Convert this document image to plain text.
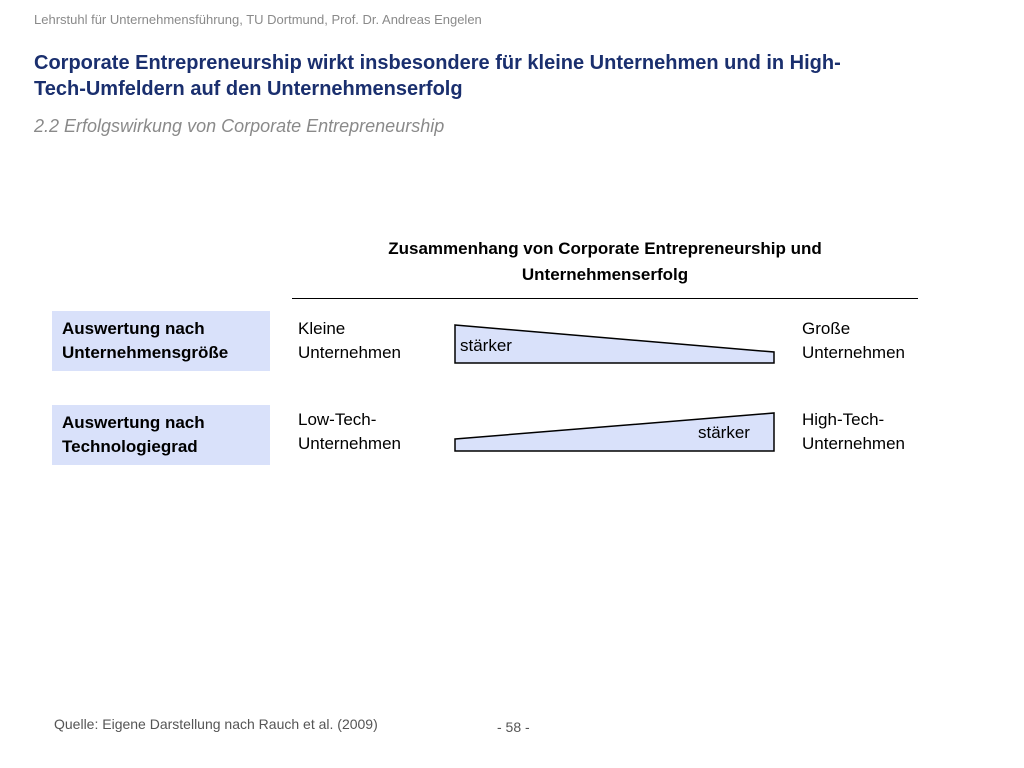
Lehrstuhl für Unternehmensführung, TU Dortmund, Prof. Dr. Andreas Engelen
Corporate Entrepreneurship wirkt insbesondere für kleine Unternehmen und in High-
Tech-Umfeldern auf den Unternehmenserfolg
2.2 Erfolgswirkung von Corporate Entrepreneurship
Zusammenhang von Corporate Entrepreneurship und
Unternehmenserfolg
Auswertung nach
Unternehmensgröße
Kleine
Unternehmen	stärker
Große
Unternehmen
Auswertung nach
Technologiegrad
Low-Tech-
Unternehmen
stärker
High-Tech-
Unternehmen
Quelle: Eigene Darstellung nach Rauch et al. (2009)	- 58 -
